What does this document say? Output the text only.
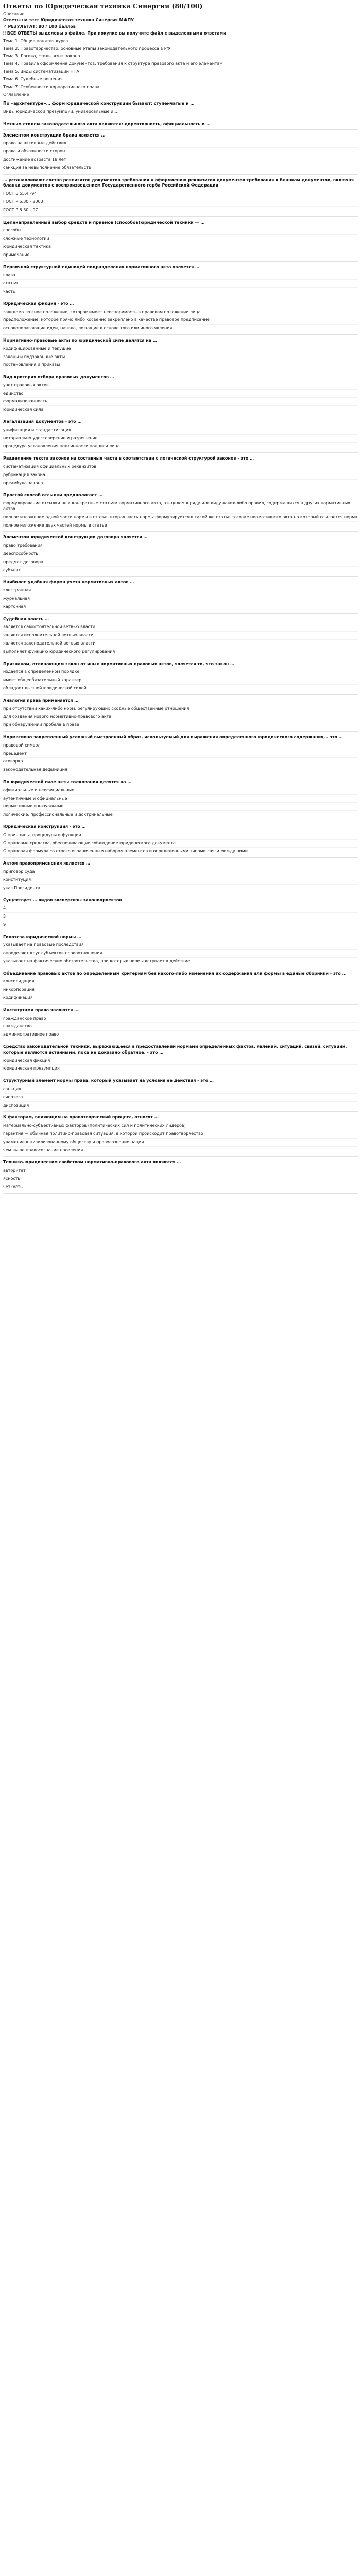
Ответы по Юридическая техника Синергия (80/100)
Описание
Ответы на тест Юридическая техника Синергия МФПУ
✓ РЕЗУЛЬТАТ: 80 / 100 баллов
‼ ВСЕ ОТВЕТЫ выделены в файле. При покупке вы получите файл с выделенными ответами
Тема 1. Общие понятия курса
Тема 2. Правотворчество, основные этапы законодательного процесса в РФ
Тема 3. Логика, стиль, язык закона
Тема 4. Правила оформления документов: требования к структуре правового акта и его элементам
Тема 5. Виды систематизации НПА
Тема 6. Судебные решения
Тема 7. Особенности корпоративного права
Оглавление
По «архитектуре»… форм юридической конструкции бывают: ступенчатые и …
Виды юридической презумпций: универсальные и …
Четным стилем законодательного акта являются: директивность, официальность и …
Элементом конструкции брака является …
право на активные действия
права и обязанности сторон
достижение возраста 18 лет
санкция за невыполнение обязательств
… устанавливают состав реквизитов документов требования к оформлению реквизитов документов требования к бланкам документов, включая бланки документов с воспроизведением Государственного герба Российской Федерации
ГОСТ 5.55.4 -94
ГОСТ Р 6.30 - 2003
ГОСТ Р 6.30 - 97
Целенаправленный выбор средств и приемов (способов)юридической техники — …
способы
сложные технологии
юридическая тактика
примечание
Первичной структурной единицей подразделения нормативного акта является …
глава
статья
часть
Юридическая фикция - это …
заведомо ложное положение, которое имеет неоспоримость в правовом положении лица
предположение, которое прямо либо косвенно закреплено в качестве правовое предписание
основополагающие идеи, начала, лежащие в основе того или иного явления
Нормативно-правовые акты по юридической силе делятся на …
кодифицированные и текущие
законы и подзаконные акты
постановления и приказы
Вид критерия отбора правовых документов …
учет правовых актов
единство
формализованность
юридическая сила
Легализация документов - это …
унификация и стандартизация
нотариально удостоверение и разрешение
процедура установления подлинности подписи лица
Разделение текста законов на составные части в соответствии с логической структурой законов - это …
систематизация официальных реквизитов
рубрикация закона
преамбула закона
Простой способ отсылки предполагает …
формулирование отсылки не к конкретным статьям нормативного акта, а в целом к ряду или виду каких-либо правил, содержащихся в других нормативных актах
полное изложение одной части нормы в статье, вторая часть нормы формулируется в такой же статье того же нормативного акта на который ссылается норма
полное изложение двух частей нормы в статье
Элементом юридической конструкции договора является …
право требования
дееспособность
предмет договора
субъект
Наиболее удобная форма учета нормативных актов …
электронная
журнальная
карточная
Судебная власть …
является самостоятельной ветвью власти
является исполнительной ветвью власти
является законодательной ветвью власти
выполняет функцию юридического регулирования
Признаком, отличающим закон от иных нормативных правовых актов, является то, что закон …
издается в определенном порядке
имеет общеобязательный характер
обладает высшей юридической силой
Аналогия права применяется …
при отсутствии каких-либо норм, регулирующих сходные общественные отношения
для создания нового нормативно-правового акта
при обнаружении пробела в праве
Нормативно закрепленный условный выстроенный образ, используемый для выражения определенного юридического содержания, - это …
правовой символ
прецедент
оговорка
законодательная дефиниция
По юридической силе акты толкования делятся на …
официальные и неофициальные
аутентичные и официальные
нормативные и казуальные
логические, профессиональные и доктринальные
Юридическая конструкция - это …
О принципы, процедуры и функции
О правовые средства, обеспечивающие соблюдение юридического документа
О правовая формула со строго ограниченным набором элементов и определенными типами связи между ними
Актом правоприменения является …
приговор суда
конституция
указ Президента
Существует … видов экспертизы законопроектов
4
3
9
Гипотеза юридической нормы …
указывает на правовые последствия
определяет круг субъектов правоотношения
указывает на фактические обстоятельства, при которых нормы вступает в действие
Объединение правовых актов по определенным критериям без какого-либо изменения их содержания или формы в единые сборники - это …
консолидация
инкорпорация
кодификация
Институтами права являются …
гражданское право
гражданство
административное право
Средство законодательной техники, выражающееся в предоставлении нормами определенных фактов, явлений, ситуаций, связей, ситуаций, которые являются истинными, пока не доказано обратное, - это …
юридическая фикция
юридическая презумпция
Структурный элемент нормы права, который указывает на условия ее действия - это …
санкция
гипотеза
диспозиция
К факторам, влияющим на правотворческий процесс, относят …
материально-субъективных факторов (политических сил и политических лидеров)
гарантия — обычная политико-правовая ситуация, в которой происходит правотворчество
уважение к цивилизованному обществу и правосознание нации
чем выше правосознание населения …
Технико-юридическим свойством нормативно-правового акта являются …
авторитет
ясность
четкость
